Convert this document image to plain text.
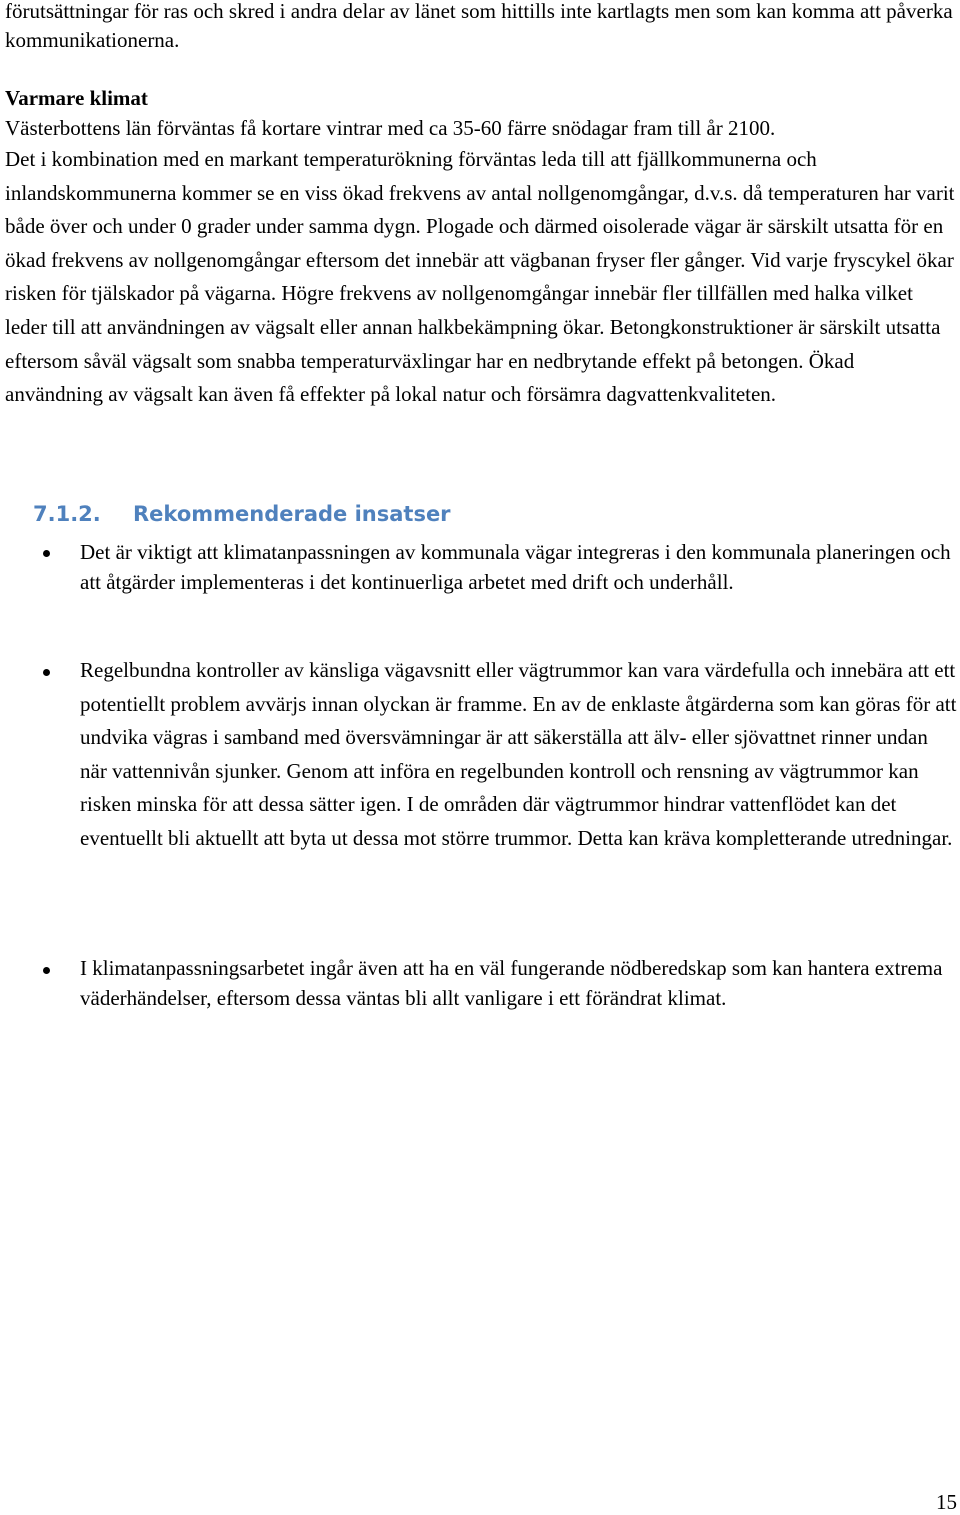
förutsättningar för ras och skred i andra delar av länet som hittills inte kartlagts men som kan komma att påverka kommunikationerna.

Varmare klimat
Västerbottens län förväntas få kortare vintrar med ca 35-60 färre snödagar fram till år 2100.

Det i kombination med en markant temperaturökning förväntas leda till att fjällkommunerna och inlandskommunerna kommer se en viss ökad frekvens av antal nollgenomgångar, d.v.s. då temperaturen har varit både över och under 0 grader under samma dygn. Plogade och därmed oisolerade vägar är särskilt utsatta för en ökad frekvens av nollgenomgångar eftersom det innebär att vägbanan fryser fler gånger. Vid varje fryscykel ökar risken för tjälskador på vägarna. Högre frekvens av nollgenomgångar innebär fler tillfällen med halka vilket leder till att användningen av vägsalt eller annan halkbekämpning ökar. Betongkonstruktioner är särskilt utsatta eftersom såväl vägsalt som snabba temperaturväxlingar har en nedbrytande effekt på betongen. Ökad användning av vägsalt kan även få effekter på lokal natur och försämra dagvattenkvaliteten.

7.1.2. Rekommenderade insatser

Det är viktigt att klimatanpassningen av kommunala vägar integreras i den kommunala planeringen och att åtgärder implementeras i det kontinuerliga arbetet med drift och underhåll.

Regelbundna kontroller av känsliga vägavsnitt eller vägtrummor kan vara värdefulla och innebära att ett potentiellt problem avvärjs innan olyckan är framme. En av de enklaste åtgärderna som kan göras för att undvika vägras i samband med översvämningar är att säkerställa att älv- eller sjövattnet rinner undan när vattennivån sjunker. Genom att införa en regelbunden kontroll och rensning av vägtrummor kan risken minska för att dessa sätter igen. I de områden där vägtrummor hindrar vattenflödet kan det eventuellt bli aktuellt att byta ut dessa mot större trummor. Detta kan kräva kompletterande utredningar.

I klimatanpassningsarbetet ingår även att ha en väl fungerande nödberedskap som kan hantera extrema väderhändelser, eftersom dessa väntas bli allt vanligare i ett förändrat klimat.

15
